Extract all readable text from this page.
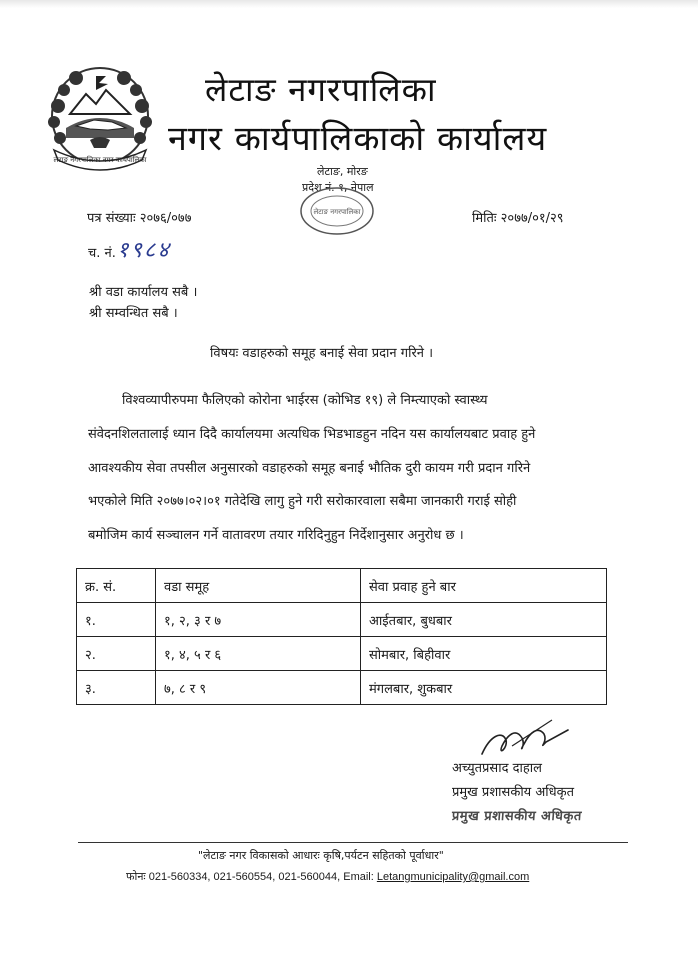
लेटाङ नगरपालिका नगर कार्यपालिका
लेटाङ नगरपालिका
नगर कार्यपालिकाको कार्यालय
लेटाङ, मोरङ
प्रदेश नं. १, नेपाल
लेटाङ नगरपालिका
पत्र संख्याः २०७६/०७७	मितिः २०७७/०१/२९
च. नं. १९८४
श्री वडा कार्यालय सबै ।
श्री सम्वन्धित सबै ।
विषयः वडाहरुको समूह बनाई सेवा प्रदान गरिने ।
विश्वव्यापीरुपमा फैलिएको कोरोना भाईरस (कोभिड १९) ले निम्त्याएको स्वास्थ्य
संवेदनशिलतालाई ध्यान दिदै कार्यालयमा अत्यधिक भिडभाडहुन नदिन यस कार्यालयबाट प्रवाह हुने
आवश्यकीय सेवा तपसील अनुसारको वडाहरुको समूह बनाई भौतिक दुरी कायम गरी प्रदान गरिने
भएकोले मिति २०७७।०२।०१ गतेदेखि लागु हुने गरी सरोकारवाला सबैमा जानकारी गराई सोही
बमोजिम कार्य सञ्चालन गर्ने वातावरण तयार गरिदिनुहुन निर्देशानुसार अनुरोध छ ।
क्र. सं.	वडा समूह	सेवा प्रवाह हुने बार
१.	१, २, ३ र ७	आईतबार, बुधबार
२.	१, ४, ५ र ६	सोमबार, बिहीवार
३.	७, ८ र ९	मंगलबार, शुकबार
अच्युतप्रसाद दाहाल
प्रमुख प्रशासकीय अधिकृत
प्रमुख प्रशासकीय अधिकृत
"लेटाङ नगर विकासको आधारः कृषि,पर्यटन सहितको पूर्वाधार"
फोनः 021-560334, 021-560554, 021-560044, Email: Letangmunicipality@gmail.com
